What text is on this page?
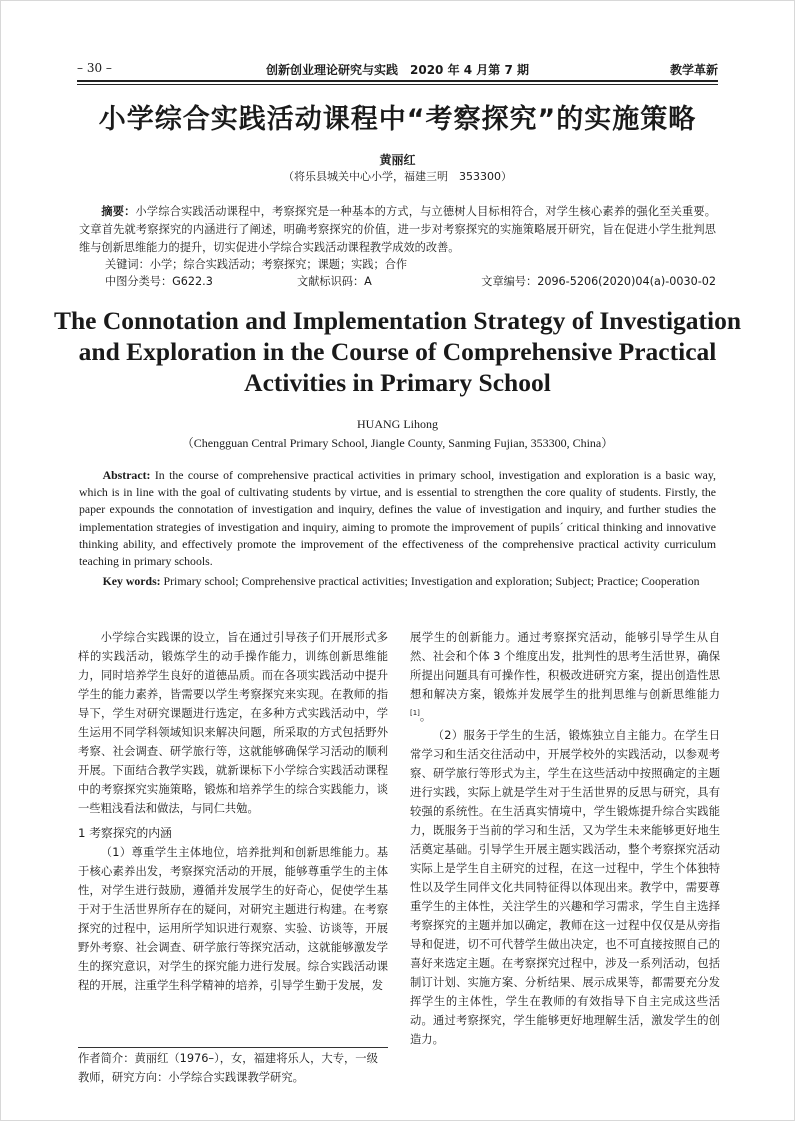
– 30 –	创新创业理论研究与实践　2020 年 4 月第 7 期	教学革新
小学综合实践活动课程中“考察探究”的实施策略
黄丽红
（将乐县城关中心小学，福建三明　353300）
摘要：小学综合实践活动课程中，考察探究是一种基本的方式，与立德树人目标相符合，对学生核心素养的强化至关重要。文章首先就考察探究的内涵进行了阐述，明确考察探究的价值，进一步对考察探究的实施策略展开研究，旨在促进小学生批判思维与创新思维能力的提升，切实促进小学综合实践活动课程教学成效的改善。
关键词：小学；综合实践活动；考察探究；课题；实践；合作
中图分类号：G622.3	文献标识码：A	文章编号：2096-5206(2020)04(a)-0030-02
The Connotation and Implementation Strategy of Investigation and Exploration in the Course of Comprehensive Practical Activities in Primary School
HUANG Lihong
（Chengguan Central Primary School, Jiangle County, Sanming Fujian, 353300, China）
Abstract: In the course of comprehensive practical activities in primary school, investigation and exploration is a basic way, which is in line with the goal of cultivating students by virtue, and is essential to strengthen the core quality of students. Firstly, the paper expounds the connotation of investigation and inquiry, defines the value of investigation and inquiry, and further studies the implementation strategies of investigation and inquiry, aiming to promote the improvement of pupils´ critical thinking and innovative thinking ability, and effectively promote the improvement of the effectiveness of the comprehensive practical activity curriculum teaching in primary schools.
Key words: Primary school; Comprehensive practical activities; Investigation and exploration; Subject; Practice; Cooperation

小学综合实践课的设立，旨在通过引导孩子们开展形式多样的实践活动，锻炼学生的动手操作能力，训练创新思维能力，同时培养学生良好的道德品质。而在各项实践活动中提升学生的能力素养，皆需要以学生考察探究来实现。在教师的指导下，学生对研究课题进行选定，在多种方式实践活动中，学生运用不同学科领域知识来解决问题，所采取的方式包括野外考察、社会调查、研学旅行等，这就能够确保学习活动的顺利开展。下面结合教学实践，就新课标下小学综合实践活动课程中的考察探究实施策略，锻炼和培养学生的综合实践能力，谈一些粗浅看法和做法，与同仁共勉。

1 考察探究的内涵

（1）尊重学生主体地位，培养批判和创新思维能力。基于核心素养出发，考察探究活动的开展，能够尊重学生的主体性，对学生进行鼓励，遵循并发展学生的好奇心，促使学生基于对于生活世界所存在的疑问，对研究主题进行构建。在考察探究的过程中，运用所学知识进行观察、实验、访谈等，开展野外考察、社会调查、研学旅行等探究活动，这就能够激发学生的探究意识，对学生的探究能力进行发展。综合实践活动课程的开展，注重学生科学精神的培养，引导学生勤于发展，发

作者简介：黄丽红（1976–），女，福建将乐人，大专，一级教师，研究方向：小学综合实践课教学研究。

展学生的创新能力。通过考察探究活动，能够引导学生从自然、社会和个体 3 个维度出发，批判性的思考生活世界，确保所提出问题具有可操作性，积极改进研究方案，提出创造性思想和解决方案，锻炼并发展学生的批判思维与创新思维能力[1]。

（2）服务于学生的生活，锻炼独立自主能力。在学生日常学习和生活交往活动中，开展学校外的实践活动，以参观考察、研学旅行等形式为主，学生在这些活动中按照确定的主题进行实践，实际上就是学生对于生活世界的反思与研究，具有较强的系统性。在生活真实情境中，学生锻炼提升综合实践能力，既服务于当前的学习和生活，又为学生未来能够更好地生活奠定基础。引导学生开展主题实践活动，整个考察探究活动实际上是学生自主研究的过程，在这一过程中，学生个体独特性以及学生同伴文化共同特征得以体现出来。教学中，需要尊重学生的主体性，关注学生的兴趣和学习需求，学生自主选择考察探究的主题并加以确定，教师在这一过程中仅仅是从旁指导和促进，切不可代替学生做出决定，也不可直接按照自己的喜好来选定主题。在考察探究过程中，涉及一系列活动，包括制订计划、实施方案、分析结果、展示成果等，都需要充分发挥学生的主体性，学生在教师的有效指导下自主完成这些活动。通过考察探究，学生能够更好地理解生活，激发学生的创造力。
